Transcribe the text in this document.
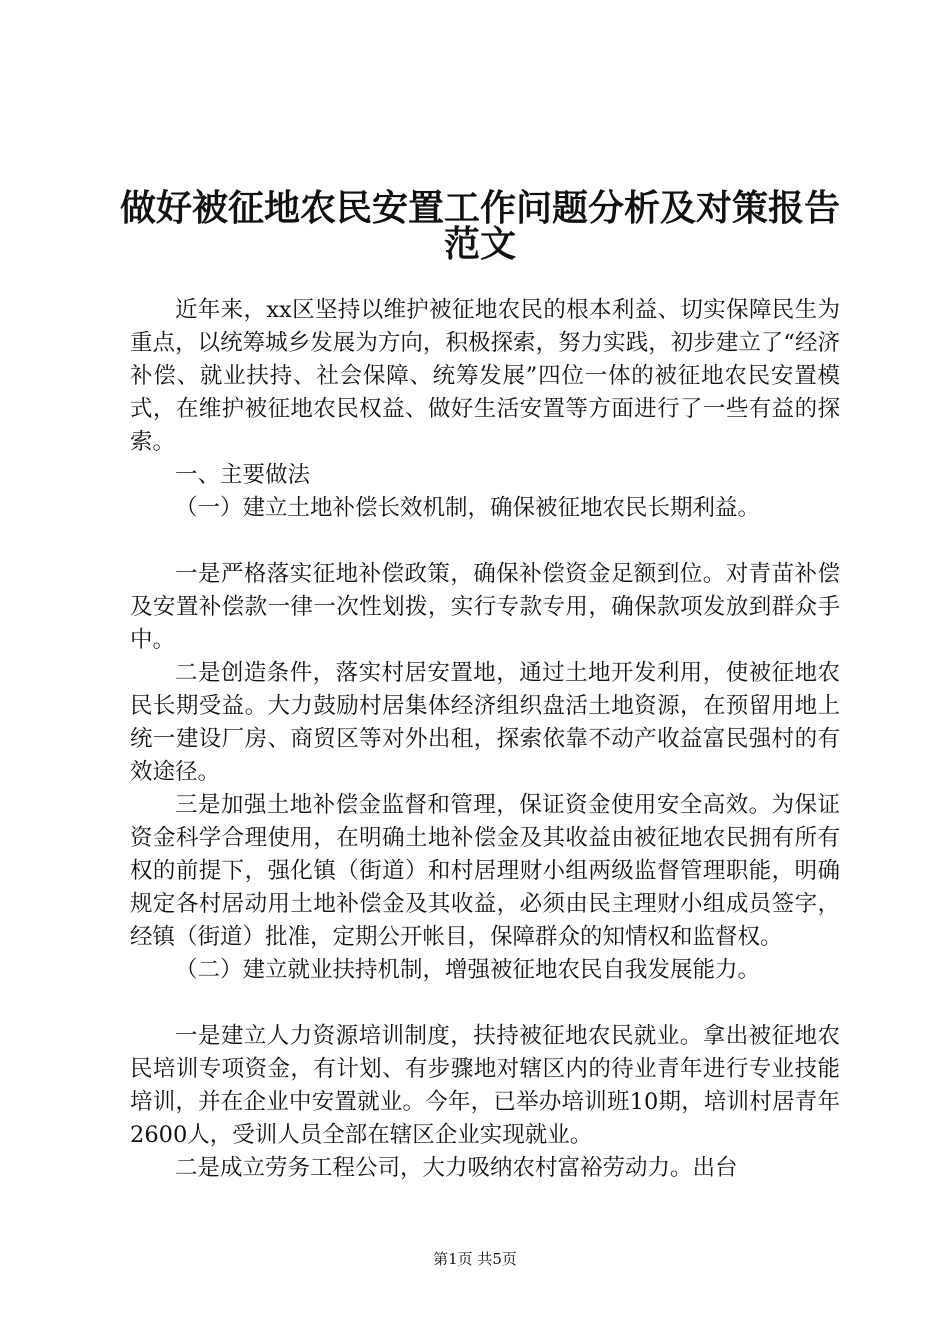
做好被征地农民安置工作问题分析及对策报告
范文

近年来，xx区坚持以维护被征地农民的根本利益、切实保障民生为重点，以统筹城乡发展为方向，积极探索，努力实践，初步建立了“经济补偿、就业扶持、社会保障、统筹发展”四位一体的被征地农民安置模式，在维护被征地农民权益、做好生活安置等方面进行了一些有益的探索。

一、主要做法

（一）建立土地补偿长效机制，确保被征地农民长期利益。

一是严格落实征地补偿政策，确保补偿资金足额到位。对青苗补偿及安置补偿款一律一次性划拨，实行专款专用，确保款项发放到群众手中。

二是创造条件，落实村居安置地，通过土地开发利用，使被征地农民长期受益。大力鼓励村居集体经济组织盘活土地资源，在预留用地上统一建设厂房、商贸区等对外出租，探索依靠不动产收益富民强村的有效途径。

三是加强土地补偿金监督和管理，保证资金使用安全高效。为保证资金科学合理使用，在明确土地补偿金及其收益由被征地农民拥有所有权的前提下，强化镇（街道）和村居理财小组两级监督管理职能，明确规定各村居动用土地补偿金及其收益，必须由民主理财小组成员签字，经镇（街道）批准，定期公开帐目，保障群众的知情权和监督权。

（二）建立就业扶持机制，增强被征地农民自我发展能力。

一是建立人力资源培训制度，扶持被征地农民就业。拿出被征地农民培训专项资金，有计划、有步骤地对辖区内的待业青年进行专业技能培训，并在企业中安置就业。今年，已举办培训班10期，培训村居青年2600人，受训人员全部在辖区企业实现就业。

二是成立劳务工程公司，大力吸纳农村富裕劳动力。出台

第1页 共5页
